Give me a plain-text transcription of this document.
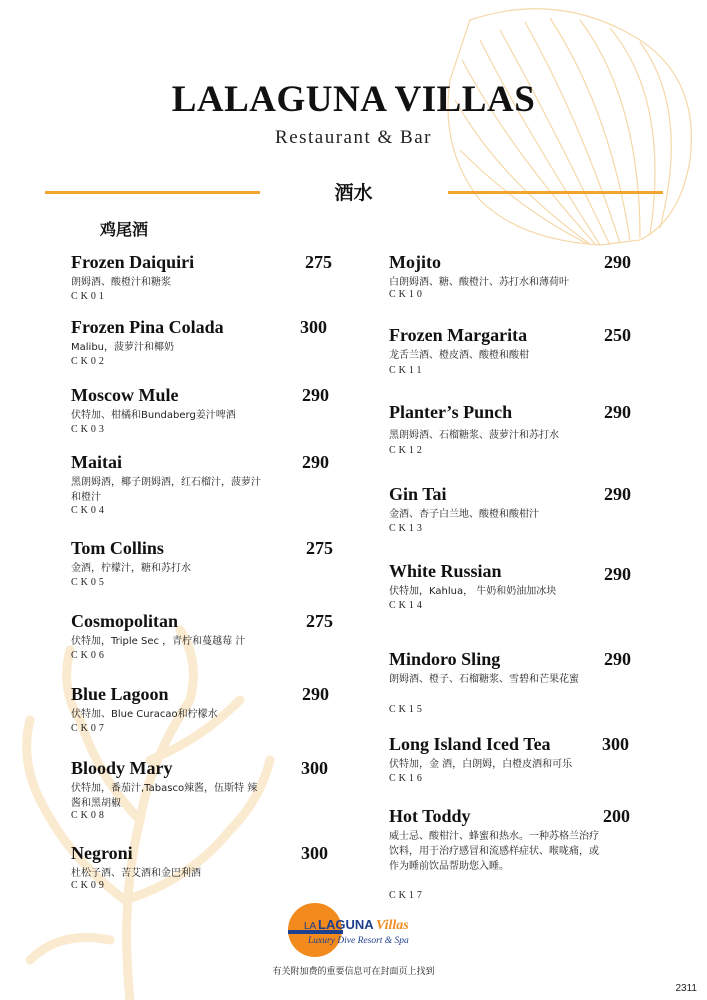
LALAGUNA VILLAS
Restaurant & Bar
酒水
鸡尾酒
Frozen Daiquiri	275
朗姆酒、酸橙汁和糖浆
CK01
Frozen Pina Colada	300
Malibu，菠萝汁和椰奶
CK02
Moscow Mule	290
伏特加、柑橘和Bundaberg姜汁啤酒
CK03
Maitai	290
黑朗姆酒，椰子朗姆酒，红石榴汁，菠萝汁和橙汁
CK04
Tom Collins	275
金酒，柠檬汁，糖和苏打水
CK05
Cosmopolitan	275
伏特加，Triple Sec ，青柠和蔓越莓 汁
CK06
Blue Lagoon	290
伏特加、Blue Curacao和柠檬水
CK07
Bloody Mary	300
伏特加，番茄汁,Tabasco辣酱，伍斯特 辣酱和黑胡椒
CK08
Negroni	300
杜松子酒、苦艾酒和金巴利酒
CK09
Mojito	290
白朗姆酒、糖、酸橙汁、苏打水和薄荷叶
CK10
Frozen Margarita	250
龙舌兰酒、橙皮酒、酸橙和酸柑
CK11
Planter’s Punch	290
黑朗姆酒、石榴糖浆、菠萝汁和苏打水
CK12
Gin Tai	290
金酒、杏子白兰地、酸橙和酸柑汁
CK13
White Russian	290
伏特加，Kahlua， 牛奶和奶油加冰块
CK14
Mindoro Sling	290
朗姆酒、橙子、石榴糖浆、雪碧和芒果花蜜
CK15
Long Island Iced Tea	300
伏特加，金 酒，白朗姆，白橙皮酒和可乐
CK16
Hot Toddy	200
威士忌、酸柑汁、蜂蜜和热水。一种苏格兰治疗饮料，用于治疗感冒和流感样症状、喉咙痛，或作为睡前饮品帮助您入睡。
CK17
LA LAGUNA Villas
Luxury Dive Resort & Spa
有关附加费的重要信息可在封面页上找到
2311
